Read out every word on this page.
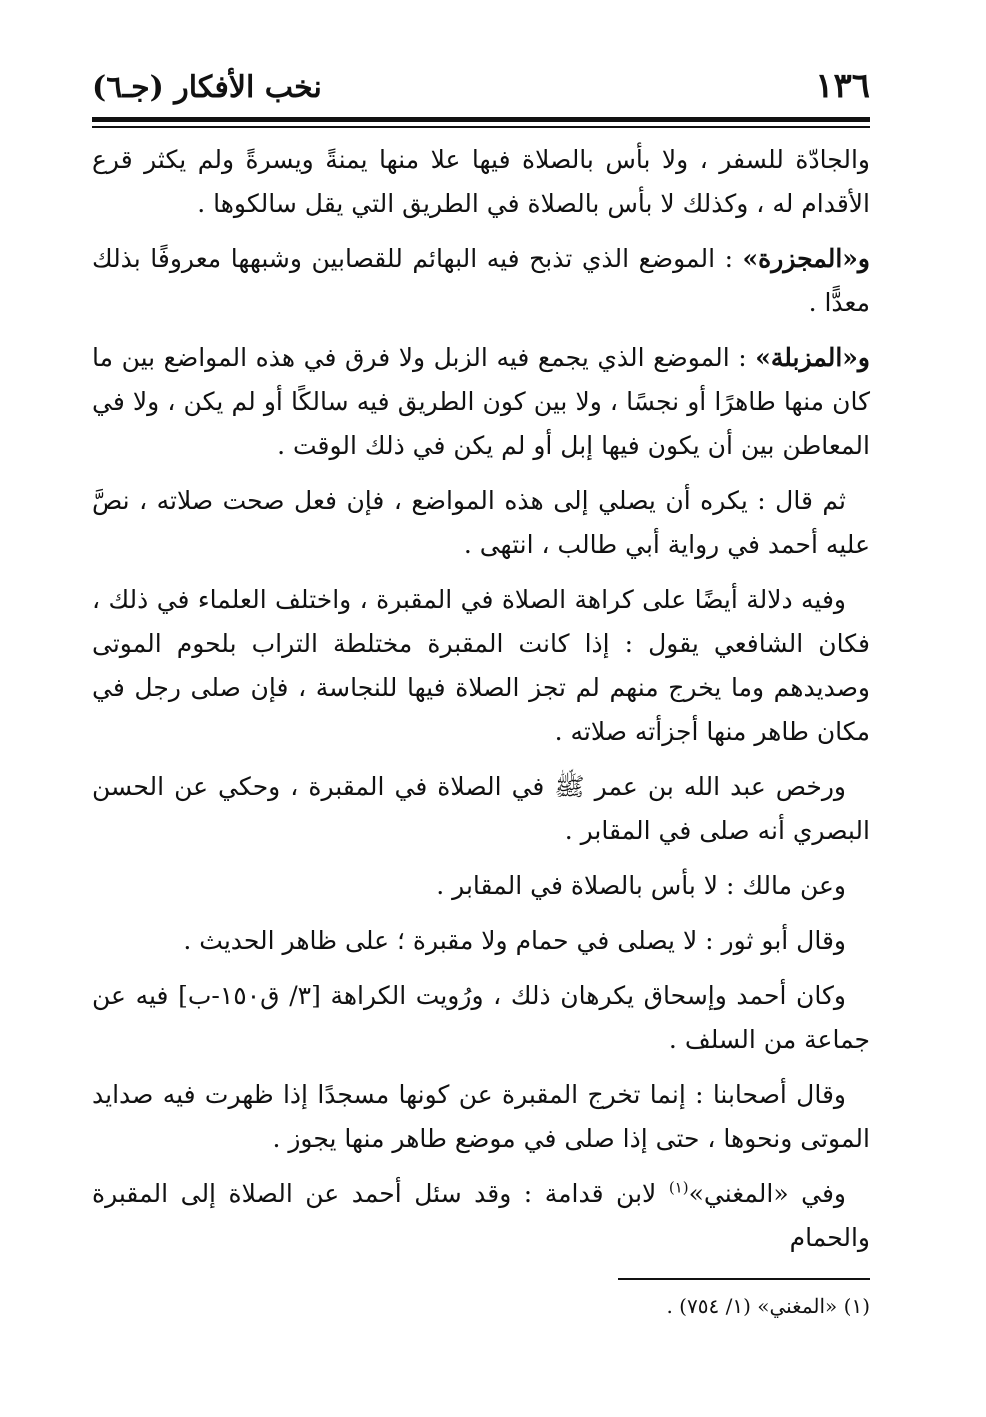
١٣٦
نخب الأفكار (جـ٦)

والجادّة للسفر ، ولا بأس بالصلاة فيها علا منها يمنةً ويسرةً ولم يكثر قرع الأقدام له ، وكذلك لا بأس بالصلاة في الطريق التي يقل سالكوها .

و«المجزرة» : الموضع الذي تذبح فيه البهائم للقصابين وشبهها معروفًا بذلك معدًّا .

و«المزبلة» : الموضع الذي يجمع فيه الزبل ولا فرق في هذه المواضع بين ما كان منها طاهرًا أو نجسًا ، ولا بين كون الطريق فيه سالكًا أو لم يكن ، ولا في المعاطن بين أن يكون فيها إبل أو لم يكن في ذلك الوقت .

ثم قال : يكره أن يصلي إلى هذه المواضع ، فإن فعل صحت صلاته ، نصَّ عليه أحمد في رواية أبي طالب ، انتهى .

وفيه دلالة أيضًا على كراهة الصلاة في المقبرة ، واختلف العلماء في ذلك ، فكان الشافعي يقول : إذا كانت المقبرة مختلطة التراب بلحوم الموتى وصديدهم وما يخرج منهم لم تجز الصلاة فيها للنجاسة ، فإن صلى رجل في مكان طاهر منها أجزأته صلاته .

ورخص عبد الله بن عمر ﷺ في الصلاة في المقبرة ، وحكي عن الحسن البصري أنه صلى في المقابر .

وعن مالك : لا بأس بالصلاة في المقابر .

وقال أبو ثور : لا يصلى في حمام ولا مقبرة ؛ على ظاهر الحديث .

وكان أحمد وإسحاق يكرهان ذلك ، ورُويت الكراهة [٣/ ق١٥٠-ب] فيه عن جماعة من السلف .

وقال أصحابنا : إنما تخرج المقبرة عن كونها مسجدًا إذا ظهرت فيه صدايد الموتى ونحوها ، حتى إذا صلى في موضع طاهر منها يجوز .

وفي «المغني»$^{(١)}$ لابن قدامة : وقد سئل أحمد عن الصلاة إلى المقبرة والحمام

(١) «المغني» (١/ ٧٥٤) .
